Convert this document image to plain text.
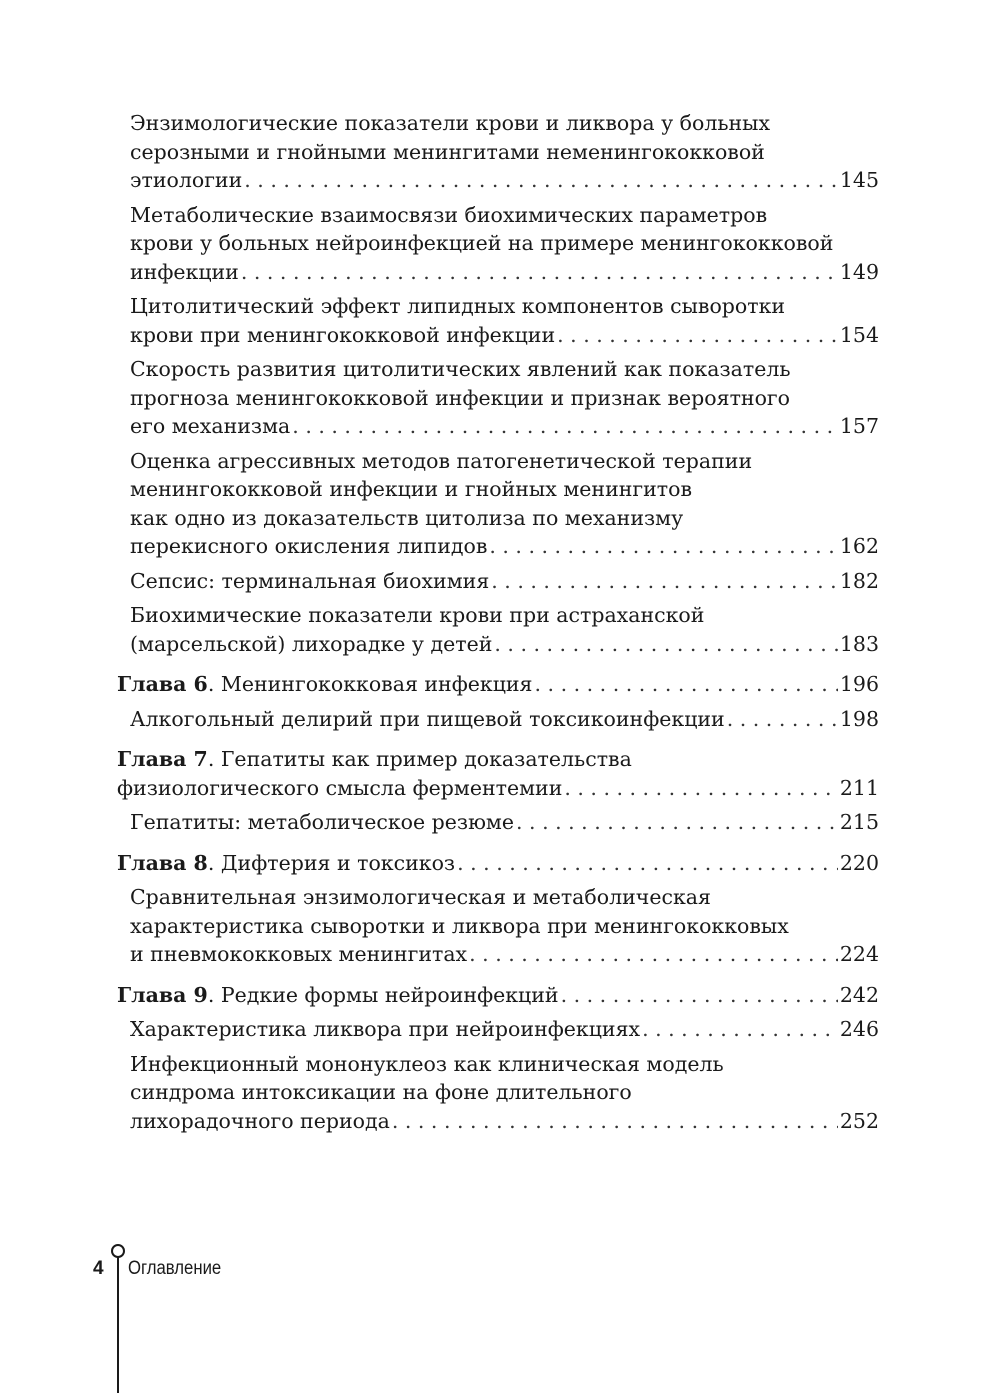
Энзимологические показатели крови и ликвора у больных
серозными и гнойными менингитами неменингококковой
этиологии . . .	145
Метаболические взаимосвязи биохимических параметров
крови у больных нейроинфекцией на примере менингококковой
инфекции . . .	149
Цитолитический эффект липидных компонентов сыворотки
крови при менингококковой инфекции . . .	154
Скорость развития цитолитических явлений как показатель
прогноза менингококковой инфекции и признак вероятного
его механизма . . .	157
Оценка агрессивных методов патогенетической терапии
менингококковой инфекции и гнойных менингитов
как одно из доказательств цитолиза по механизму
перекисного окисления липидов . . .	162
Сепсис: терминальная биохимия . . .	182
Биохимические показатели крови при астраханской
(марсельской) лихорадке у детей . . .	183
Глава 6. Менингококковая инфекция . . .	196
Алкогольный делирий при пищевой токсикоинфекции . . .	198
Глава 7. Гепатиты как пример доказательства
физиологического смысла ферментемии . . .	211
Гепатиты: метаболическое резюме . . .	215
Глава 8. Дифтерия и токсикоз . . .	220
Сравнительная энзимологическая и метаболическая
характеристика сыворотки и ликвора при менингококковых
и пневмококковых менингитах . . .	224
Глава 9. Редкие формы нейроинфекций . . .	242
Характеристика ликвора при нейроинфекциях . . .	246
Инфекционный мононуклеоз как клиническая модель
синдрома интоксикации на фоне длительного
лихорадочного периода . . .	252
4 Оглавление
